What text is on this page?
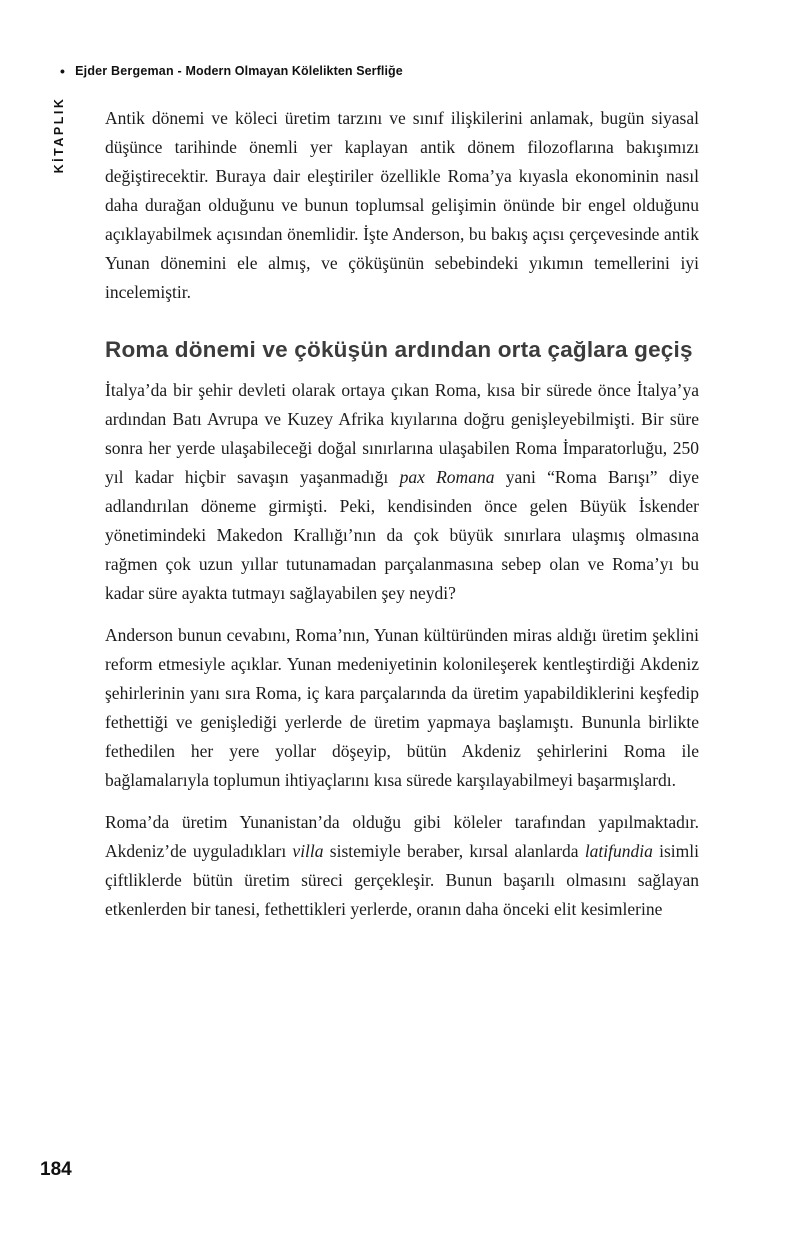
• Ejder Bergeman - Modern Olmayan Kölelikten Serfliğe
KİTAPLIK Antik dönemi ve köleci üretim tarzını ve sınıf ilişkilerini anlamak, bugün siyasal düşünce tarihinde önemli yer kaplayan antik dönem filozoflarına bakışımızı değiştirecektir. Buraya dair eleştiriler özellikle Roma’ya kıyasla ekonominin nasıl daha durağan olduğunu ve bunun toplumsal gelişimin önünde bir engel olduğunu açıklayabilmek açısından önemlidir. İşte Anderson, bu bakış açısı çerçevesinde antik Yunan dönemini ele almış, ve çöküşünün sebebindeki yıkımın temellerini iyi incelemiştir.

Roma dönemi ve çöküşün ardından orta çağlara geçiş

İtalya’da bir şehir devleti olarak ortaya çıkan Roma, kısa bir sürede önce İtalya’ya ardından Batı Avrupa ve Kuzey Afrika kıyılarına doğru genişleyebilmişti. Bir süre sonra her yerde ulaşabileceği doğal sınırlarına ulaşabilen Roma İmparatorluğu, 250 yıl kadar hiçbir savaşın yaşanmadığı pax Romana yani “Roma Barışı” diye adlandırılan döneme girmişti. Peki, kendisinden önce gelen Büyük İskender yönetimindeki Makedon Krallığı’nın da çok büyük sınırlara ulaşmış olmasına rağmen çok uzun yıllar tutunamadan parçalanmasına sebep olan ve Roma’yı bu kadar süre ayakta tutmayı sağlayabilen şey neydi?

Anderson bunun cevabını, Roma’nın, Yunan kültüründen miras aldığı üretim şeklini reform etmesiyle açıklar. Yunan medeniyetinin kolonileşerek kentleştirdiği Akdeniz şehirlerinin yanı sıra Roma, iç kara parçalarında da üretim yapabildiklerini keşfedip fethettiği ve genişlediği yerlerde de üretim yapmaya başlamıştı. Bununla birlikte fethedilen her yere yollar döşeyip, bütün Akdeniz şehirlerini Roma ile bağlamalarıyla toplumun ihtiyaçlarını kısa sürede karşılayabilmeyi başarmışlardı.

Roma’da üretim Yunanistan’da olduğu gibi köleler tarafından yapılmaktadır. Akdeniz’de uyguladıkları villa sistemiyle beraber, kırsal alanlarda latifundia isimli çiftliklerde bütün üretim süreci gerçekleşir. Bunun başarılı olmasını sağlayan etkenlerden bir tanesi, fethettikleri yerlerde, oranın daha önceki elit kesimlerine

184
